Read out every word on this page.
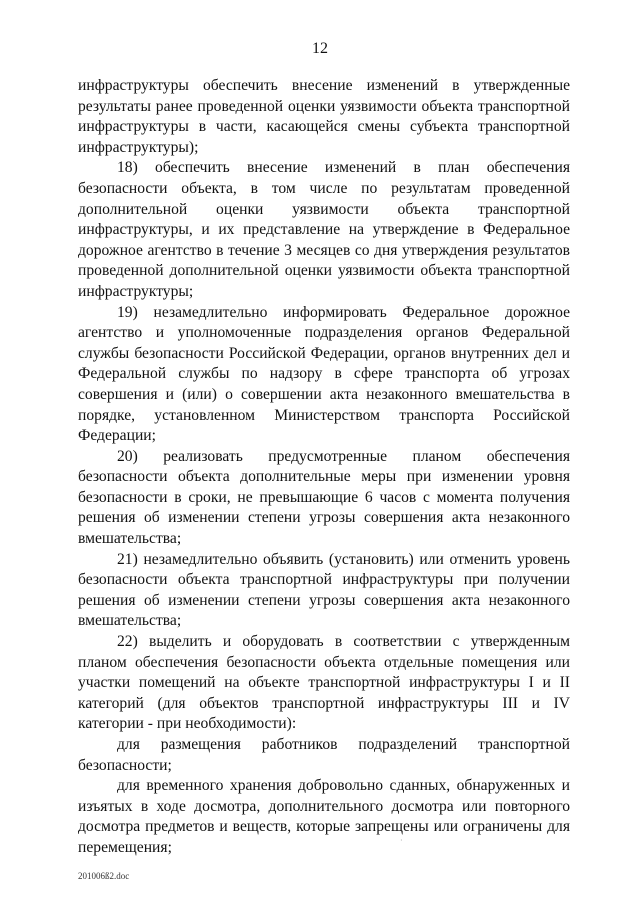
12

инфраструктуры обеспечить внесение изменений в утвержденные результаты ранее проведенной оценки уязвимости объекта транспортной инфраструктуры в части, касающейся смены субъекта транспортной инфраструктуры);

18) обеспечить внесение изменений в план обеспечения безопасности объекта, в том числе по результатам проведенной дополнительной оценки уязвимости объекта транспортной инфраструктуры, и их представление на утверждение в Федеральное дорожное агентство в течение 3 месяцев со дня утверждения результатов проведенной дополнительной оценки уязвимости объекта транспортной инфраструктуры;

19) незамедлительно информировать Федеральное дорожное агентство и уполномоченные подразделения органов Федеральной службы безопасности Российской Федерации, органов внутренних дел и Федеральной службы по надзору в сфере транспорта об угрозах совершения и (или) о совершении акта незаконного вмешательства в порядке, установленном Министерством транспорта Российской Федерации;

20) реализовать предусмотренные планом обеспечения безопасности объекта дополнительные меры при изменении уровня безопасности в сроки, не превышающие 6 часов с момента получения решения об изменении степени угрозы совершения акта незаконного вмешательства;

21) незамедлительно объявить (установить) или отменить уровень безопасности объекта транспортной инфраструктуры при получении решения об изменении степени угрозы совершения акта незаконного вмешательства;

22) выделить и оборудовать в соответствии с утвержденным планом обеспечения безопасности объекта отдельные помещения или участки помещений на объекте транспортной инфраструктуры I и II категорий (для объектов транспортной инфраструктуры III и IV категории - при необходимости):

для размещения работников подразделений транспортной безопасности;

для временного хранения добровольно сданных, обнаруженных и изъятых в ходе досмотра, дополнительного досмотра или повторного досмотра предметов и веществ, которые запрещены или ограничены для перемещения;	·
201006ß2.doc
